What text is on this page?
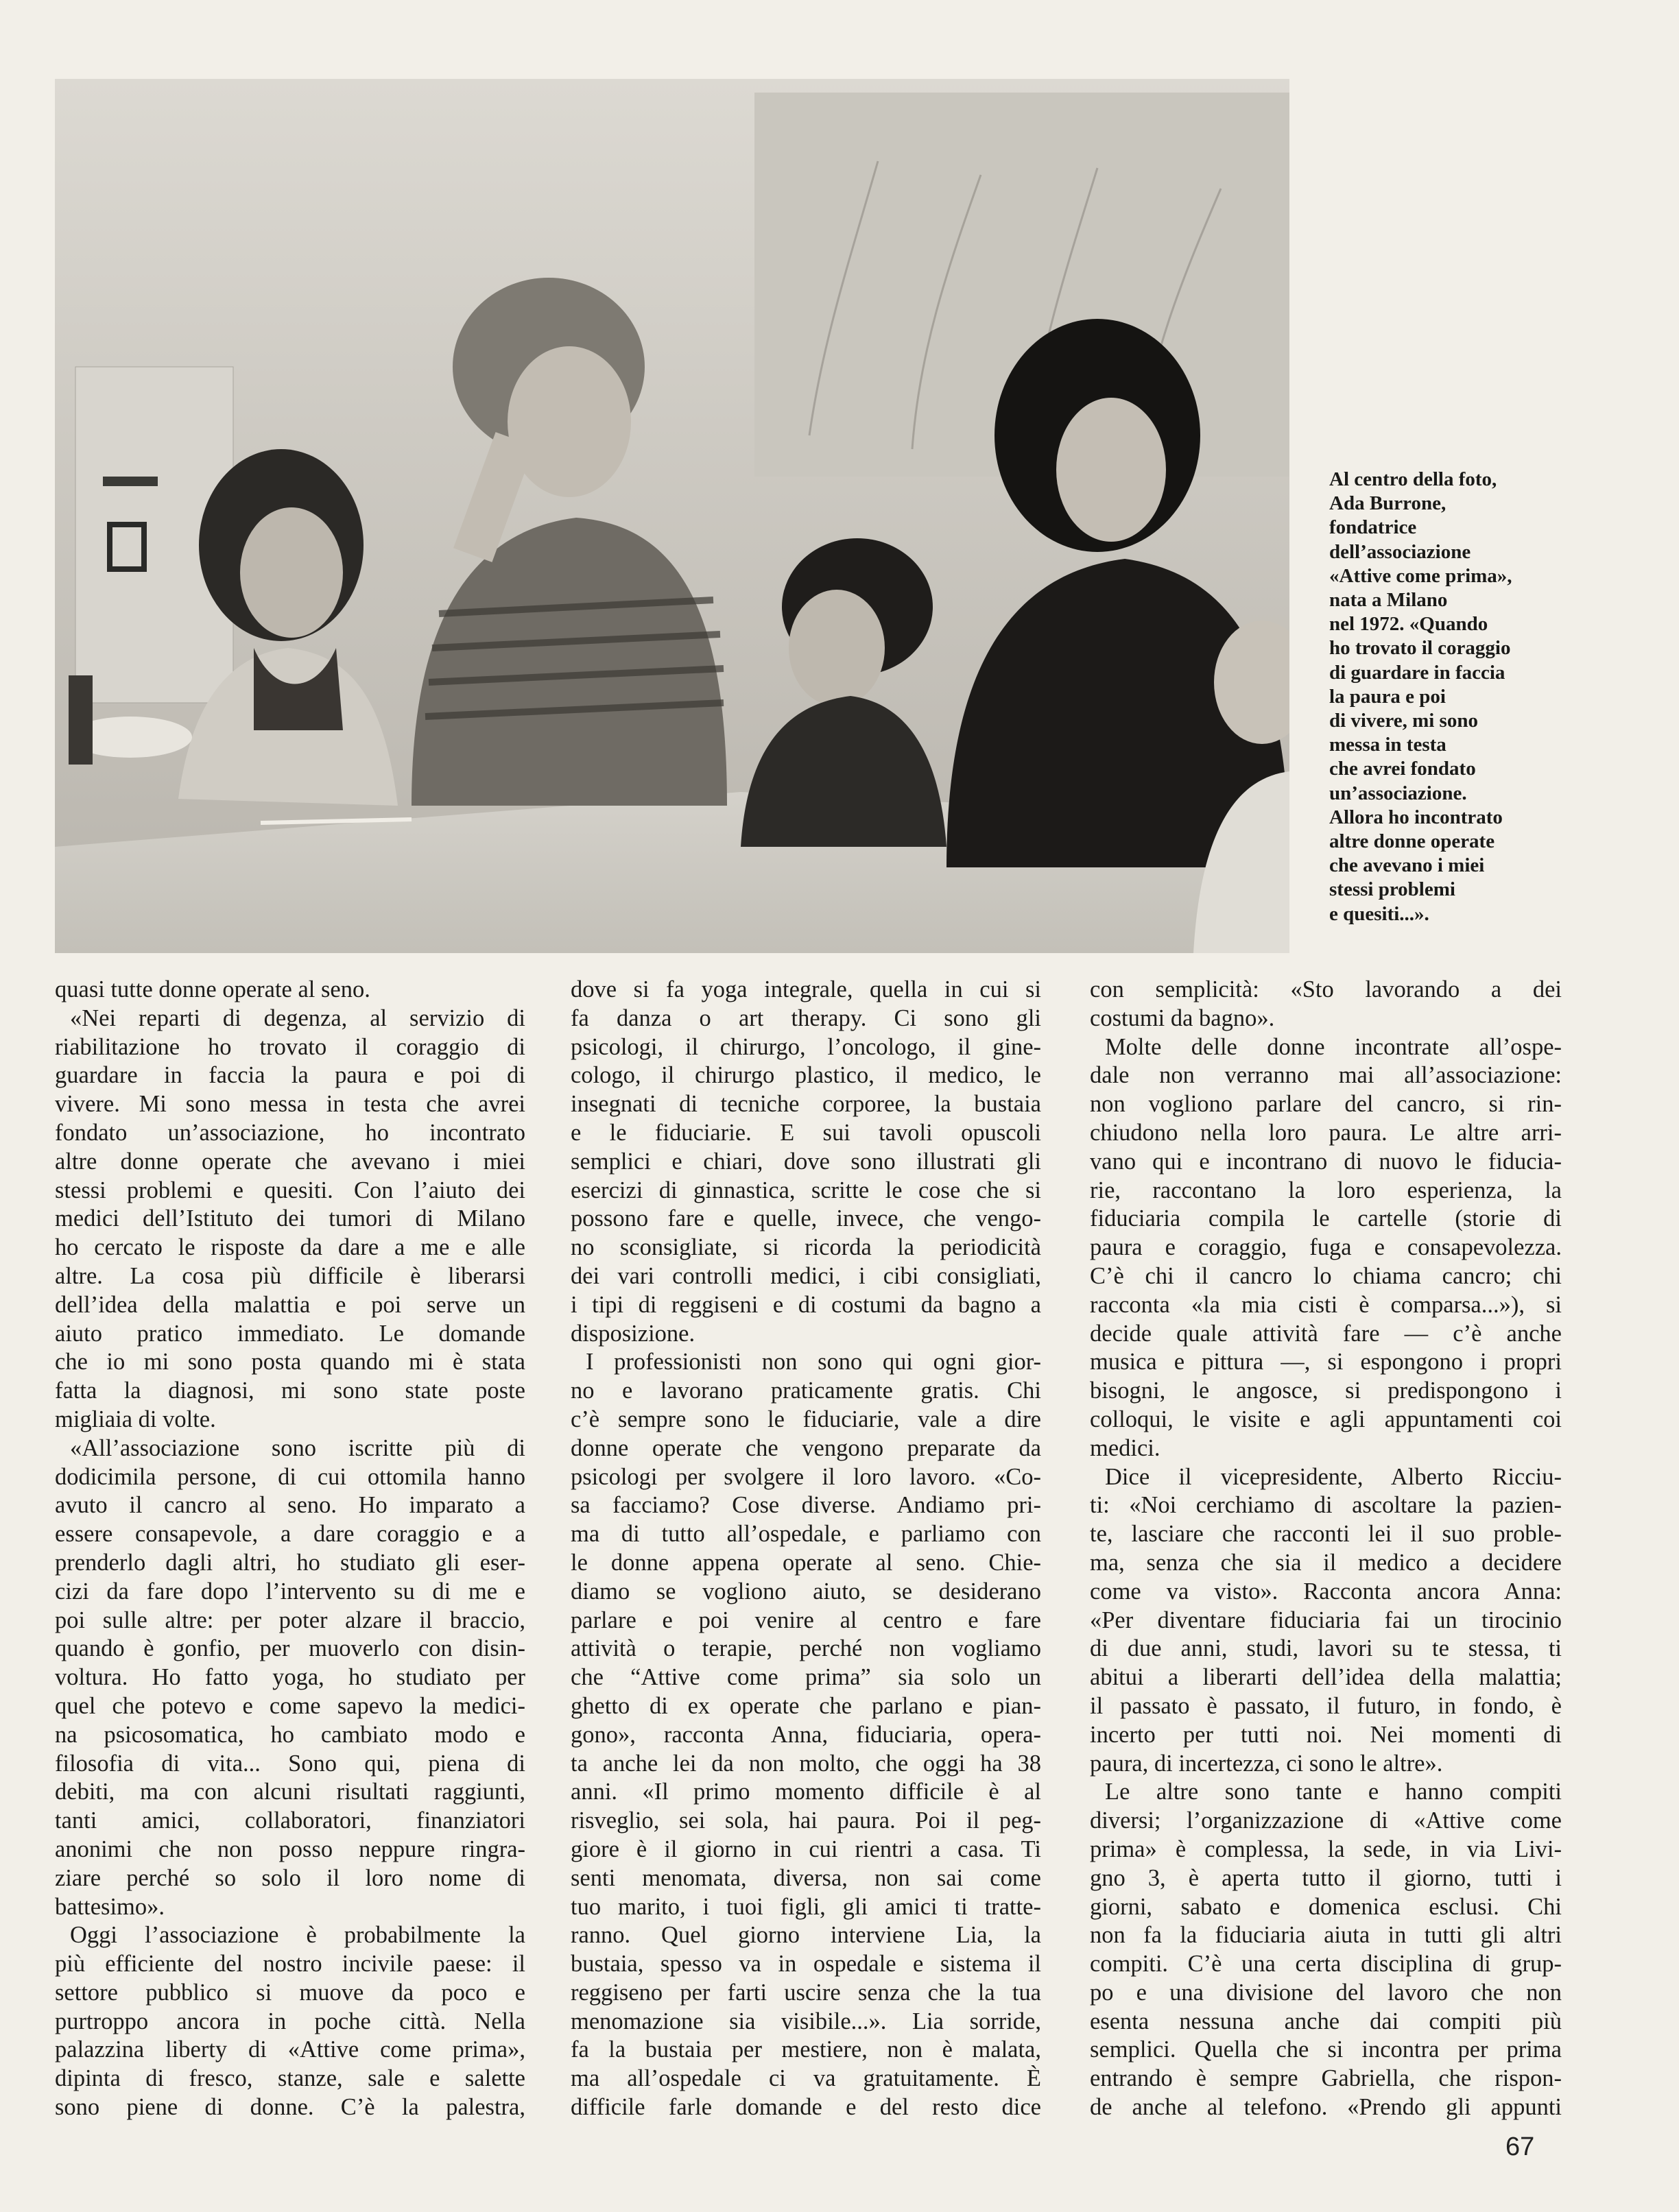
Al centro della foto,
Ada Burrone,
fondatrice
dell’associazione
«Attive come prima»,
nata a Milano
nel 1972. «Quando
ho trovato il coraggio
di guardare in faccia
la paura e poi
di vivere, mi sono
messa in testa
che avrei fondato
un’associazione.
Allora ho incontrato
altre donne operate
che avevano i miei
stessi problemi
e quesiti...».
quasi tutte donne operate al seno.
«Nei reparti di degenza, al servizio di
riabilitazione ho trovato il coraggio di
guardare in faccia la paura e poi di
vivere. Mi sono messa in testa che avrei
fondato un’associazione, ho incontrato
altre donne operate che avevano i miei
stessi problemi e quesiti. Con l’aiuto dei
medici dell’Istituto dei tumori di Milano
ho cercato le risposte da dare a me e alle
altre. La cosa più difficile è liberarsi
dell’idea della malattia e poi serve un
aiuto pratico immediato. Le domande
che io mi sono posta quando mi è stata
fatta la diagnosi, mi sono state poste
migliaia di volte.
«All’associazione sono iscritte più di
dodicimila persone, di cui ottomila hanno
avuto il cancro al seno. Ho imparato a
essere consapevole, a dare coraggio e a
prenderlo dagli altri, ho studiato gli eser-
cizi da fare dopo l’intervento su di me e
poi sulle altre: per poter alzare il braccio,
quando è gonfio, per muoverlo con disin-
voltura. Ho fatto yoga, ho studiato per
quel che potevo e come sapevo la medici-
na psicosomatica, ho cambiato modo e
filosofia di vita... Sono qui, piena di
debiti, ma con alcuni risultati raggiunti,
tanti amici, collaboratori, finanziatori
anonimi che non posso neppure ringra-
ziare perché so solo il loro nome di
battesimo».
Oggi l’associazione è probabilmente la
più efficiente del nostro incivile paese: il
settore pubblico si muove da poco e
purtroppo ancora in poche città. Nella
palazzina liberty di «Attive come prima»,
dipinta di fresco, stanze, sale e salette
sono piene di donne. C’è la palestra,
dove si fa yoga integrale, quella in cui si
fa danza o art therapy. Ci sono gli
psicologi, il chirurgo, l’oncologo, il gine-
cologo, il chirurgo plastico, il medico, le
insegnati di tecniche corporee, la bustaia
e le fiduciarie. E sui tavoli opuscoli
semplici e chiari, dove sono illustrati gli
esercizi di ginnastica, scritte le cose che si
possono fare e quelle, invece, che vengo-
no sconsigliate, si ricorda la periodicità
dei vari controlli medici, i cibi consigliati,
i tipi di reggiseni e di costumi da bagno a
disposizione.
I professionisti non sono qui ogni gior-
no e lavorano praticamente gratis. Chi
c’è sempre sono le fiduciarie, vale a dire
donne operate che vengono preparate da
psicologi per svolgere il loro lavoro. «Co-
sa facciamo? Cose diverse. Andiamo pri-
ma di tutto all’ospedale, e parliamo con
le donne appena operate al seno. Chie-
diamo se vogliono aiuto, se desiderano
parlare e poi venire al centro e fare
attività o terapie, perché non vogliamo
che “Attive come prima” sia solo un
ghetto di ex operate che parlano e pian-
gono», racconta Anna, fiduciaria, opera-
ta anche lei da non molto, che oggi ha 38
anni. «Il primo momento difficile è al
risveglio, sei sola, hai paura. Poi il peg-
giore è il giorno in cui rientri a casa. Ti
senti menomata, diversa, non sai come
tuo marito, i tuoi figli, gli amici ti tratte-
ranno. Quel giorno interviene Lia, la
bustaia, spesso va in ospedale e sistema il
reggiseno per farti uscire senza che la tua
menomazione sia visibile...». Lia sorride,
fa la bustaia per mestiere, non è malata,
ma all’ospedale ci va gratuitamente. È
difficile farle domande e del resto dice
con semplicità: «Sto lavorando a dei
costumi da bagno».
Molte delle donne incontrate all’ospe-
dale non verranno mai all’associazione:
non vogliono parlare del cancro, si rin-
chiudono nella loro paura. Le altre arri-
vano qui e incontrano di nuovo le fiducia-
rie, raccontano la loro esperienza, la
fiduciaria compila le cartelle (storie di
paura e coraggio, fuga e consapevolezza.
C’è chi il cancro lo chiama cancro; chi
racconta «la mia cisti è comparsa...»), si
decide quale attività fare — c’è anche
musica e pittura —, si espongono i propri
bisogni, le angosce, si predispongono i
colloqui, le visite e agli appuntamenti coi
medici.
Dice il vicepresidente, Alberto Ricciu-
ti: «Noi cerchiamo di ascoltare la pazien-
te, lasciare che racconti lei il suo proble-
ma, senza che sia il medico a decidere
come va visto». Racconta ancora Anna:
«Per diventare fiduciaria fai un tirocinio
di due anni, studi, lavori su te stessa, ti
abitui a liberarti dell’idea della malattia;
il passato è passato, il futuro, in fondo, è
incerto per tutti noi. Nei momenti di
paura, di incertezza, ci sono le altre».
Le altre sono tante e hanno compiti
diversi; l’organizzazione di «Attive come
prima» è complessa, la sede, in via Livi-
gno 3, è aperta tutto il giorno, tutti i
giorni, sabato e domenica esclusi. Chi
non fa la fiduciaria aiuta in tutti gli altri
compiti. C’è una certa disciplina di grup-
po e una divisione del lavoro che non
esenta nessuna anche dai compiti più
semplici. Quella che si incontra per prima
entrando è sempre Gabriella, che rispon-
de anche al telefono. «Prendo gli appunti
67
